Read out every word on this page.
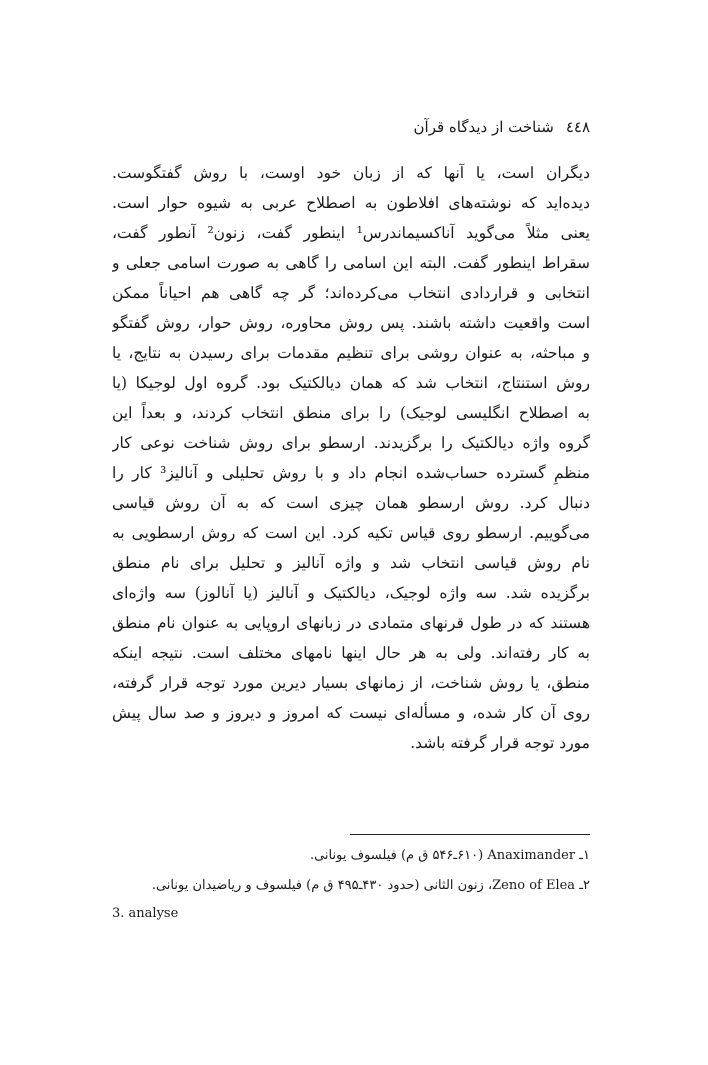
٤٤٨شناخت از دیدگاه قرآن
دیگران است، یا آنها که از زبان خود اوست، با روش گفتگوست.
دیده‌اید که نوشته‌های افلاطون به اصطلاح عربی به شیوه حوار است.
یعنی مثلاً می‌گوید آناکسیماندرس¹ اینطور گفت، زنون² آنطور گفت،
سقراط اینطور گفت. البته این اسامی را گاهی به صورت اسامی جعلی و
انتخابی و قراردادی انتخاب می‌کرده‌اند؛ گر چه گاهی هم احیاناً ممکن
است واقعیت داشته باشند. پس روش محاوره، روش حوار، روش گفتگو
و مباحثه، به عنوان روشی برای تنظیم مقدمات برای رسیدن به نتایج، یا
روش استنتاج، انتخاب شد که همان دیالکتیک بود. گروه اول لوجیکا (یا
به اصطلاح انگلیسی لوجیک) را برای منطق انتخاب کردند، و بعداً این
گروه واژه دیالکتیک را برگزیدند. ارسطو برای روش شناخت نوعی کار
منظمِ گسترده حساب‌شده انجام داد و با روش تحلیلی و آنالیز³ کار را
دنبال کرد. روش ارسطو همان چیزی است که به آن روش قیاسی
می‌گوییم. ارسطو روی قیاس تکیه کرد. این است که روش ارسطویی به
نام روش قیاسی انتخاب شد و واژه آنالیز و تحلیل برای نام منطق
برگزیده شد. سه واژه لوجیک، دیالکتیک و آنالیز (یا آنالوز) سه واژه‌ای
هستند که در طول قرنهای متمادی در زبانهای اروپایی به عنوان نام منطق
به کار رفته‌اند. ولی به هر حال اینها نامهای مختلف است. نتیجه اینکه
منطق، یا روش شناخت، از زمانهای بسیار دیرین مورد توجه قرار گرفته،
روی آن کار شده، و مسأله‌ای نیست که امروز و دیروز و صد سال پیش
مورد توجه قرار گرفته باشد.
۱ـ Anaximander (۶۱۰ـ۵۴۶ ق م) فیلسوف یونانی.
۲ـ Zeno of Elea، زنون الثانی (حدود ۴۳۰ـ۴۹۵ ق م) فیلسوف و ریاضیدان یونانی.
3. analyse
